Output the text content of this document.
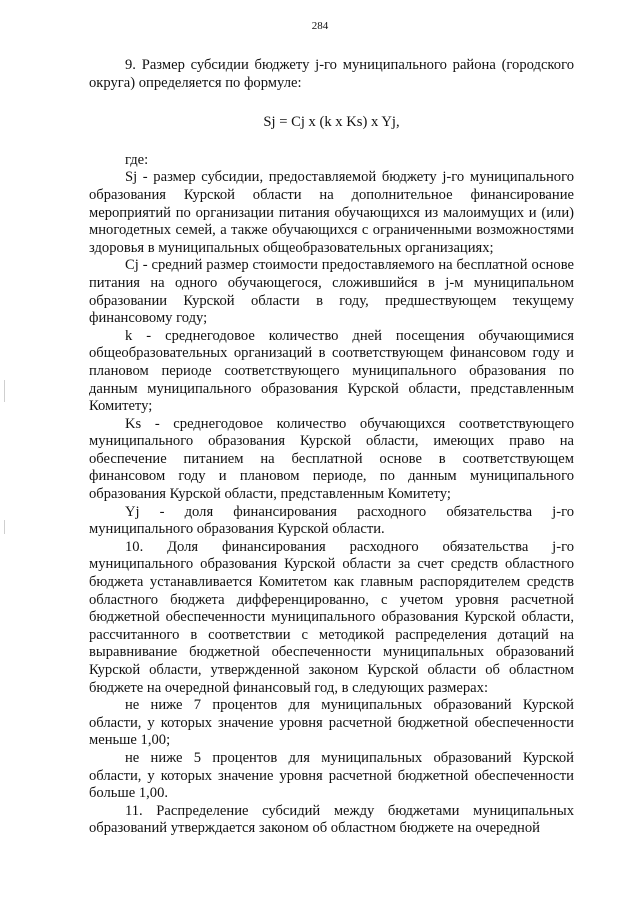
284

9. Размер субсидии бюджету j-го муниципального района (городского округа) определяется по формуле:

Sj = Cj x (k x Ks) x Yj,

где:

Sj - размер субсидии, предоставляемой бюджету j-го муниципального образования Курской области на дополнительное финансирование мероприятий по организации питания обучающихся из малоимущих и (или) многодетных семей, а также обучающихся с ограниченными возможностями здоровья в муниципальных общеобразовательных организациях;

Cj - средний размер стоимости предоставляемого на бесплатной основе питания на одного обучающегося, сложившийся в j-м муниципальном образовании Курской области в году, предшествующем текущему финансовому году;

k - среднегодовое количество дней посещения обучающимися общеобразовательных организаций в соответствующем финансовом году и плановом периоде соответствующего муниципального образования по данным муниципального образования Курской области, представленным Комитету;

Ks - среднегодовое количество обучающихся соответствующего муниципального образования Курской области, имеющих право на обеспечение питанием на бесплатной основе в соответствующем финансовом году и плановом периоде, по данным муниципального образования Курской области, представленным Комитету;

Yj - доля финансирования расходного обязательства j-го муниципального образования Курской области.

10. Доля финансирования расходного обязательства j-го муниципального образования Курской области за счет средств областного бюджета устанавливается Комитетом как главным распорядителем средств областного бюджета дифференцированно, с учетом уровня расчетной бюджетной обеспеченности муниципального образования Курской области, рассчитанного в соответствии с методикой распределения дотаций на выравнивание бюджетной обеспеченности муниципальных образований Курской области, утвержденной законом Курской области об областном бюджете на очередной финансовый год, в следующих размерах:

не ниже 7 процентов для муниципальных образований Курской области, у которых значение уровня расчетной бюджетной обеспеченности меньше 1,00;

не ниже 5 процентов для муниципальных образований Курской области, у которых значение уровня расчетной бюджетной обеспеченности больше 1,00.

11. Распределение субсидий между бюджетами муниципальных образований утверждается законом об областном бюджете на очередной
